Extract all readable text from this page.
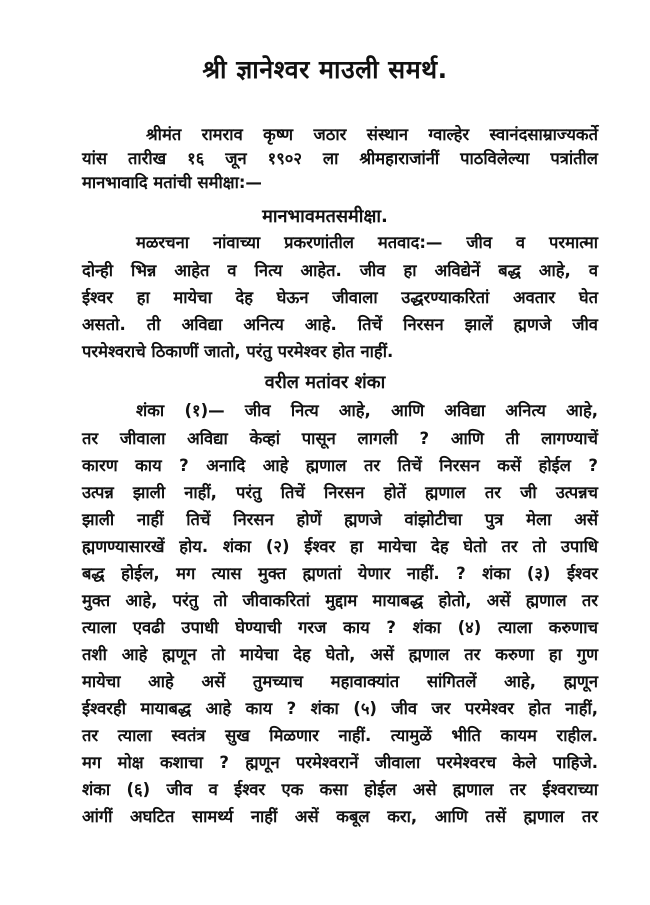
श्री ज्ञानेश्वर माउली समर्थ.
श्रीमंत रामराव कृष्ण जठार संस्थान ग्वाल्हेर स्वानंदसाम्राज्यकर्ते
यांस तारीख १६ जून १९०२ ला श्रीमहाराजांनीं पाठविलेल्या पत्रांतील
मानभावादि मतांची समीक्षा:—
मानभावमतसमीक्षा.
मळरचना नांवाच्या प्रकरणांतील मतवाद:— जीव व परमात्मा
दोन्ही भिन्न आहेत व नित्य आहेत. जीव हा अविद्येनें बद्ध आहे, व
ईश्वर हा मायेचा देह घेऊन जीवाला उद्धरण्याकरितां अवतार घेत
असतो. ती अविद्या अनित्य आहे. तिचें निरसन झालें ह्मणजे जीव
परमेश्वराचे ठिकाणीं जातो, परंतु परमेश्वर होत नाहीं.
वरील मतांवर शंका
शंका (१)— जीव नित्य आहे, आणि अविद्या अनित्य आहे,
तर जीवाला अविद्या केव्हां पासून लागली ? आणि ती लागण्याचें
कारण काय ? अनादि आहे ह्मणाल तर तिचें निरसन कसें होईल ?
उत्पन्न झाली नाहीं, परंतु तिचें निरसन होतें ह्मणाल तर जी उत्पन्नच
झाली नाहीं तिचें निरसन होणें ह्मणजे वांझोटीचा पुत्र मेला असें
ह्मणण्यासारखें होय. शंका (२) ईश्वर हा मायेचा देह घेतो तर तो उपाधि
बद्ध होईल, मग त्यास मुक्त ह्मणतां येणार नाहीं. ? शंका (३) ईश्वर
मुक्त आहे, परंतु तो जीवाकरितां मुद्दाम मायाबद्ध होतो, असें ह्मणाल तर
त्याला एवढी उपाधी घेण्याची गरज काय ? शंका (४) त्याला करुणाच
तशी आहे ह्मणून तो मायेचा देह घेतो, असें ह्मणाल तर करुणा हा गुण
मायेचा आहे असें तुमच्याच महावाक्यांत सांगितलें आहे, ह्मणून
ईश्वरही मायाबद्ध आहे काय ? शंका (५) जीव जर परमेश्वर होत नाहीं,
तर त्याला स्वतंत्र सुख मिळणार नाहीं. त्यामुळें भीति कायम राहील.
मग मोक्ष कशाचा ? ह्मणून परमेश्वरानें जीवाला परमेश्वरच केले पाहिजे.
शंका (६) जीव व ईश्वर एक कसा होईल असे ह्मणाल तर ईश्वराच्या
आंगीं अघटित सामर्थ्य नाहीं असें कबूल करा, आणि तसें ह्मणाल तर
